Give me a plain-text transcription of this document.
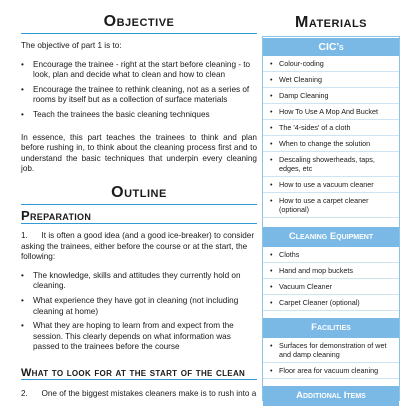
Objective

The objective of part 1 is to:

• Encourage the trainee - right at the start before cleaning - to look, plan and decide what to clean and how to clean
• Encourage the trainee to rethink cleaning, not as a series of rooms by itself but as a collection of surface materials
• Teach the trainees the basic cleaning techniques

In essence, this part teaches the trainees to think and plan before rushing in, to think about the cleaning process first and to understand the basic techniques that underpin every cleaning job.

Outline
Preparation

1. It is often a good idea (and a good ice-breaker) to consider asking the trainees, either before the course or at the start, the following:

• The knowledge, skills and attitudes they currently hold on cleaning.
• What experience they have got in cleaning (not including cleaning at home)
• What they are hoping to learn from and expect from the session. This clearly depends on what information was passed to the trainees before the course
What to look for at the start of the clean

2. One of the biggest mistakes cleaners make is to rush into a

Materials
CIC's
• Colour-coding
• Wet Cleaning
• Damp Cleaning
• How To Use A Mop And Bucket
• The '4-sides' of a cloth
• When to change the solution
• Descaling showerheads, taps, edges, etc
• How to use a vacuum cleaner
• How to use a carpet cleaner (optional)
Cleaning Equipment
• Cloths
• Hand and mop buckets
• Vacuum Cleaner
• Carpet Cleaner (optional)
Facilities
• Surfaces for demonstration of wet and damp cleaning
• Floor area for vacuum cleaning
Additional Items
